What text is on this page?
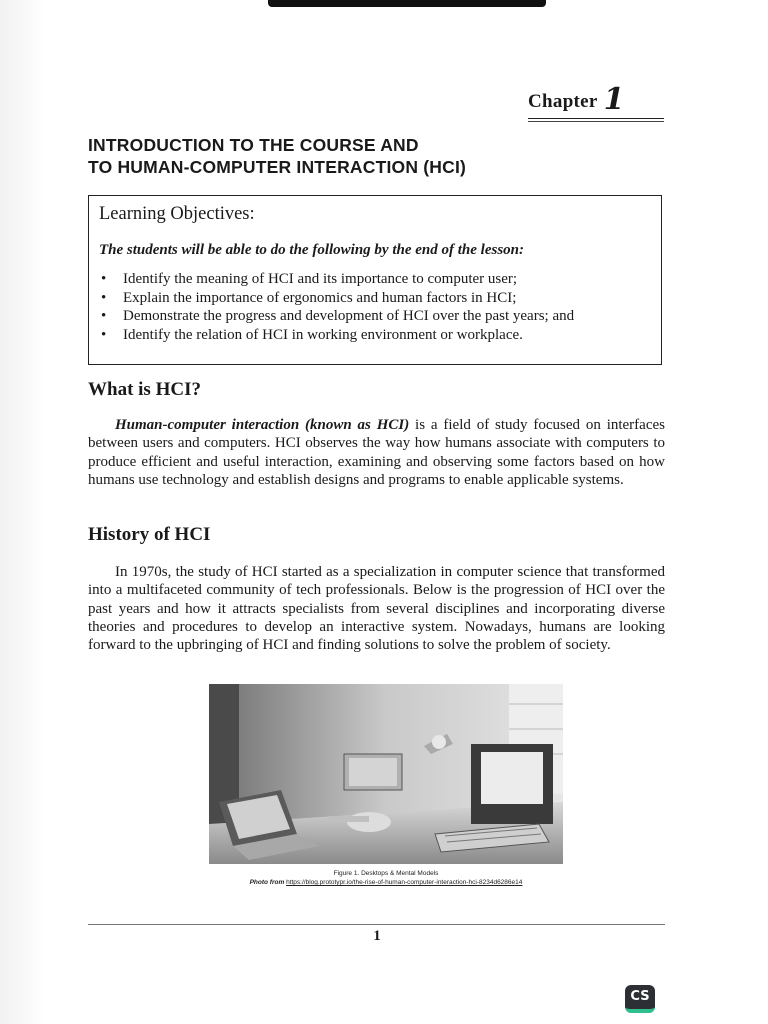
Chapter 1
INTRODUCTION TO THE COURSE AND
TO HUMAN-COMPUTER INTERACTION (HCI)
Learning Objectives:
The students will be able to do the following by the end of the lesson:
• Identify the meaning of HCI and its importance to computer user;
• Explain the importance of ergonomics and human factors in HCI;
• Demonstrate the progress and development of HCI over the past years; and
• Identify the relation of HCI in working environment or workplace.
What is HCI?

Human-computer interaction (known as HCI) is a field of study focused on interfaces between users and computers. HCI observes the way how humans associate with computers to produce efficient and useful interaction, examining and observing some factors based on how humans use technology and establish designs and programs to enable applicable systems.

History of HCI

In 1970s, the study of HCI started as a specialization in computer science that transformed into a multifaceted community of tech professionals. Below is the progression of HCI over the past years and how it attracts specialists from several disciplines and incorporating diverse theories and procedures to develop an interactive system. Nowadays, humans are looking forward to the upbringing of HCI and finding solutions to solve the problem of society.

Figure 1. Desktops & Mental Models
Photo from https://blog.prototypr.io/the-rise-of-human-computer-interaction-hci-8234d6286e14
1
CS
